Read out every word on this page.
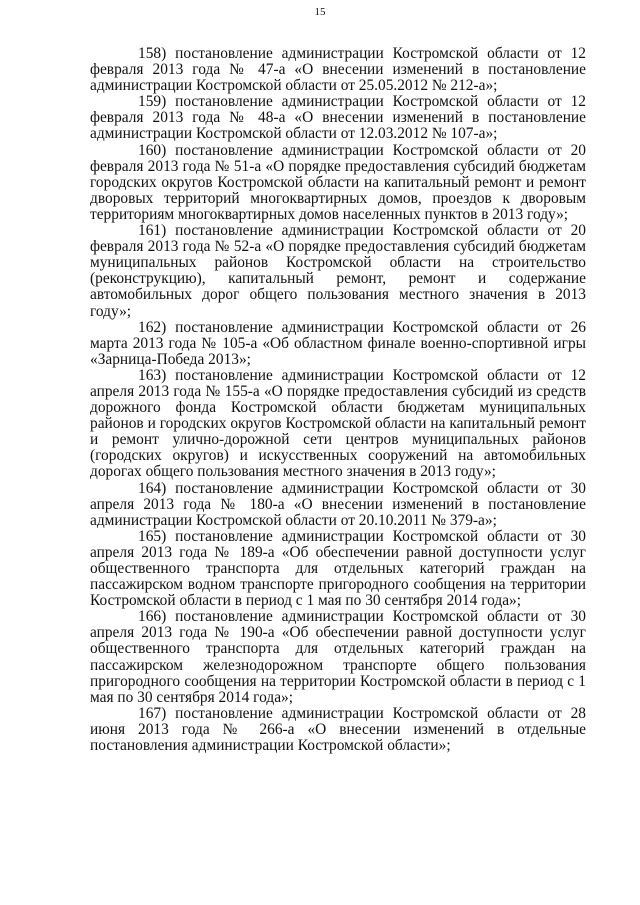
15

158) постановление администрации Костромской области от 12 февраля 2013 года № 47-а «О внесении изменений в постановление администрации Костромской области от 25.05.2012 № 212-а»;

159) постановление администрации Костромской области от 12 февраля 2013 года № 48-а «О внесении изменений в постановление администрации Костромской области от 12.03.2012 № 107-а»;

160) постановление администрации Костромской области от 20 февраля 2013 года № 51-а «О порядке предоставления субсидий бюджетам городских округов Костромской области на капитальный ремонт и ремонт дворовых территорий многоквартирных домов, проездов к дворовым территориям многоквартирных домов населенных пунктов в 2013 году»;

161) постановление администрации Костромской области от 20 февраля 2013 года № 52-а «О порядке предоставления субсидий бюджетам муниципальных районов Костромской области на строительство (реконструкцию), капитальный ремонт, ремонт и содержание автомобильных дорог общего пользования местного значения в 2013 году»;

162) постановление администрации Костромской области от 26 марта 2013 года № 105-а «Об областном финале военно-спортивной игры «Зарница-Победа 2013»;

163) постановление администрации Костромской области от 12 апреля 2013 года № 155-а «О порядке предоставления субсидий из средств дорожного фонда Костромской области бюджетам муниципальных районов и городских округов Костромской области на капитальный ремонт и ремонт улично-дорожной сети центров муниципальных районов (городских округов) и искусственных сооружений на автомобильных дорогах общего пользования местного значения в 2013 году»;

164) постановление администрации Костромской области от 30 апреля 2013 года № 180-а «О внесении изменений в постановление администрации Костромской области от 20.10.2011 № 379-а»;

165) постановление администрации Костромской области от 30 апреля 2013 года № 189-а «Об обеспечении равной доступности услуг общественного транспорта для отдельных категорий граждан на пассажирском водном транспорте пригородного сообщения на территории Костромской области в период с 1 мая по 30 сентября 2014 года»;

166) постановление администрации Костромской области от 30 апреля 2013 года № 190-а «Об обеспечении равной доступности услуг общественного транспорта для отдельных категорий граждан на пассажирском железнодорожном транспорте общего пользования пригородного сообщения на территории Костромской области в период с 1 мая по 30 сентября 2014 года»;

167) постановление администрации Костромской области от 28 июня 2013 года № 266-а «О внесении изменений в отдельные постановления администрации Костромской области»;
